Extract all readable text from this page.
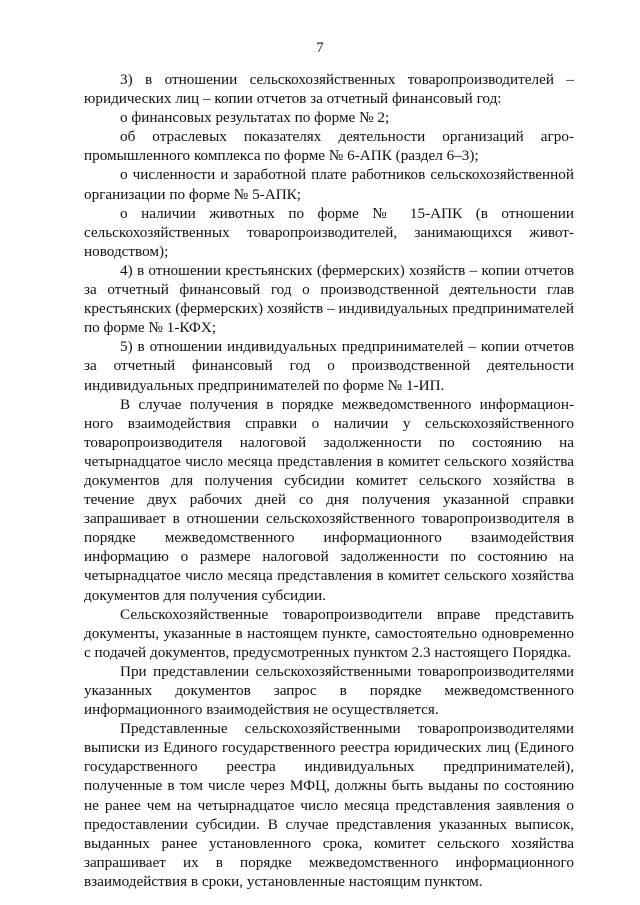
7

3) в отношении сельскохозяйственных товаропроизводителей – юридических лиц – копии отчетов за отчетный финансовый год:

о финансовых результатах по форме № 2;

об отраслевых показателях деятельности организаций агро-промышленного комплекса по форме № 6-АПК (раздел 6–3);

о численности и заработной плате работников сельскохозяйственной организации по форме № 5-АПК;

о наличии животных по форме № 15-АПК (в отношении сельскохозяйственных товаропроизводителей, занимающихся живот-новодством);

4) в отношении крестьянских (фермерских) хозяйств – копии отчетов за отчетный финансовый год о производственной деятельности глав крестьянских (фермерских) хозяйств – индивидуальных предпринимателей по форме № 1-КФХ;

5) в отношении индивидуальных предпринимателей – копии отчетов за отчетный финансовый год о производственной деятельности индивидуальных предпринимателей по форме № 1-ИП.

В случае получения в порядке межведомственного информацион-ного взаимодействия справки о наличии у сельскохозяйственного товаропроизводителя налоговой задолженности по состоянию на четырнадцатое число месяца представления в комитет сельского хозяйства документов для получения субсидии комитет сельского хозяйства в течение двух рабочих дней со дня получения указанной справки запрашивает в отношении сельскохозяйственного товаропроизводителя в порядке межведомственного информационного взаимодействия информацию о размере налоговой задолженности по состоянию на четырнадцатое число месяца представления в комитет сельского хозяйства документов для получения субсидии.

Сельскохозяйственные товаропроизводители вправе представить документы, указанные в настоящем пункте, самостоятельно одновременно с подачей документов, предусмотренных пунктом 2.3 настоящего Порядка.

При представлении сельскохозяйственными товаропроизводителями указанных документов запрос в порядке межведомственного информационного взаимодействия не осуществляется.

Представленные сельскохозяйственными товаропроизводителями выписки из Единого государственного реестра юридических лиц (Единого государственного реестра индивидуальных предпринимателей), полученные в том числе через МФЦ, должны быть выданы по состоянию не ранее чем на четырнадцатое число месяца представления заявления о предоставлении субсидии. В случае представления указанных выписок, выданных ранее установленного срока, комитет сельского хозяйства запрашивает их в порядке межведомственного информационного взаимодействия в сроки, установленные настоящим пунктом.
